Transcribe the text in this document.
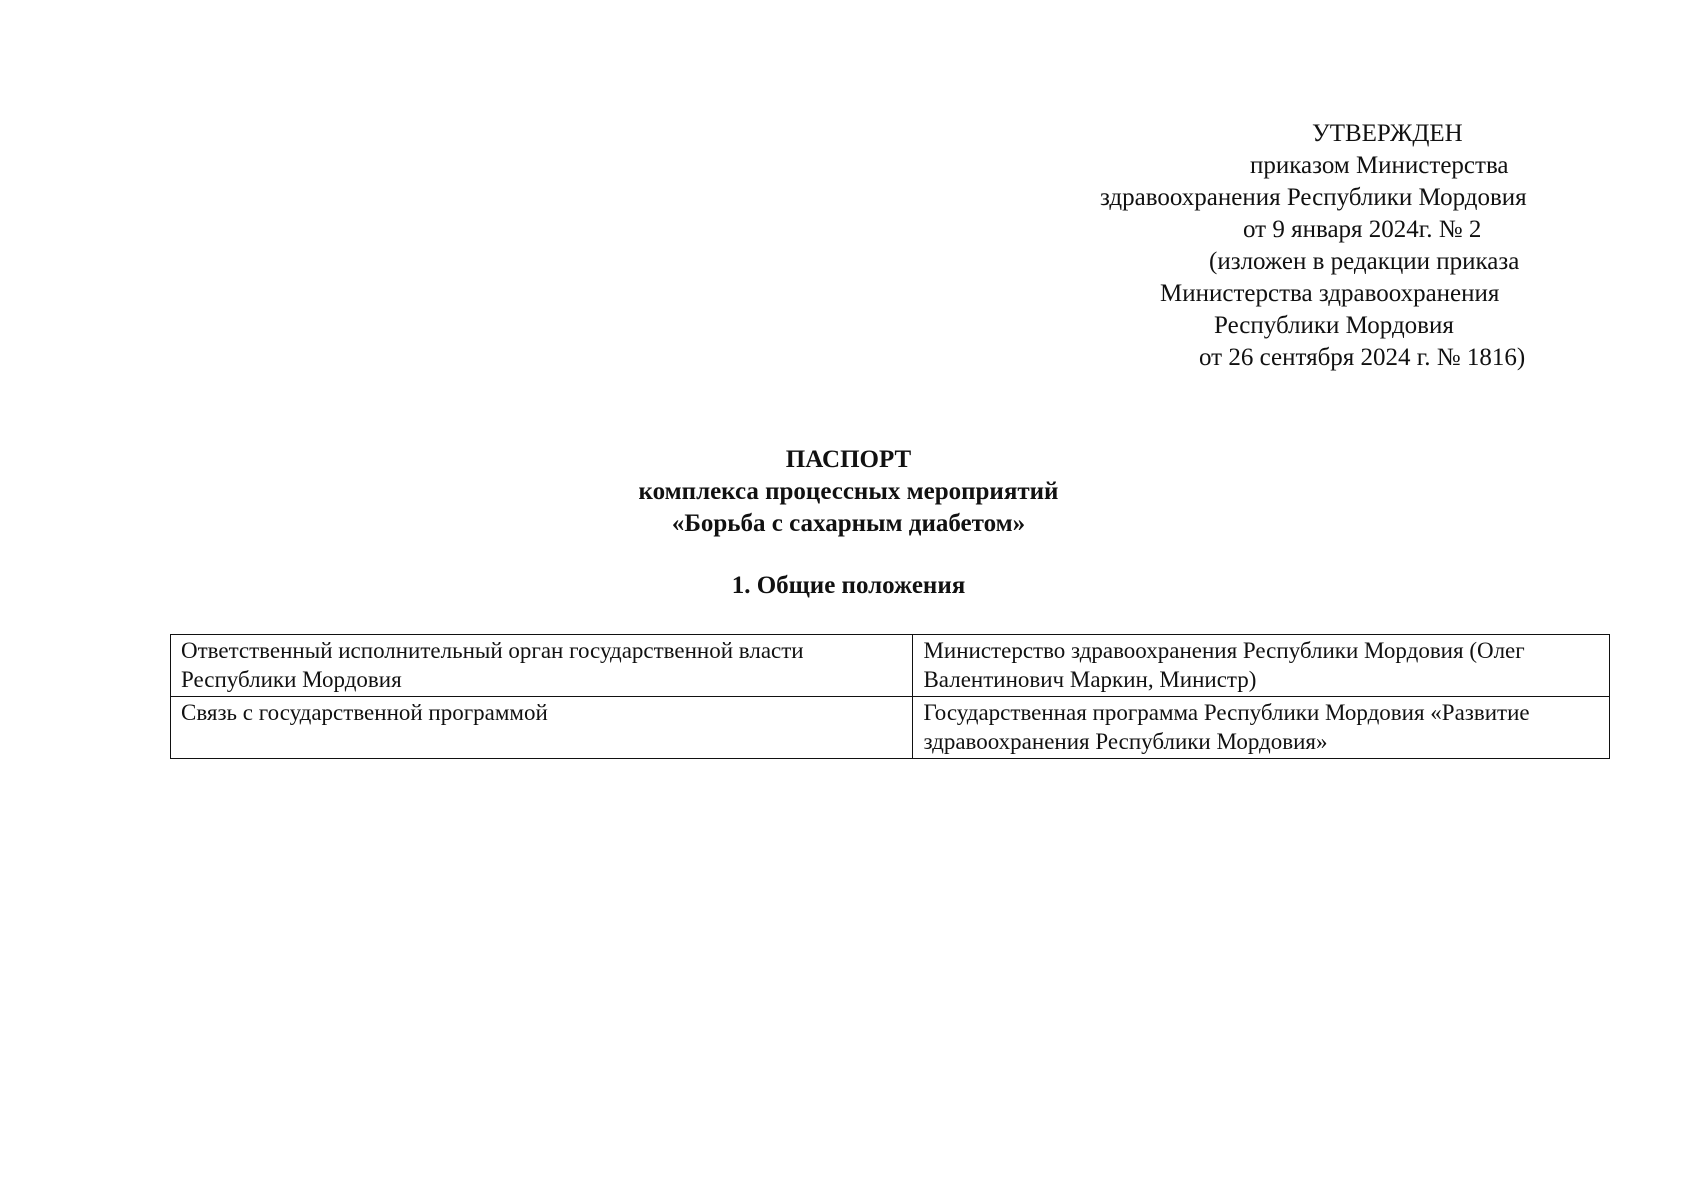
УТВЕРЖДЕН
приказом Министерства
здравоохранения Республики Мордовия
от 9 января 2024г. № 2
(изложен в редакции приказа
Министерства здравоохранения
Республики Мордовия
от 26 сентября 2024 г. № 1816)
ПАСПОРТ
комплекса процессных мероприятий
«Борьба с сахарным диабетом»
1. Общие положения
Ответственный исполнительный орган государственной власти Республики Мордовия	Министерство здравоохранения Республики Мордовия (Олег Валентинович Маркин, Министр)
Связь с государственной программой	Государственная программа Республики Мордовия «Развитие здравоохранения Республики Мордовия»
